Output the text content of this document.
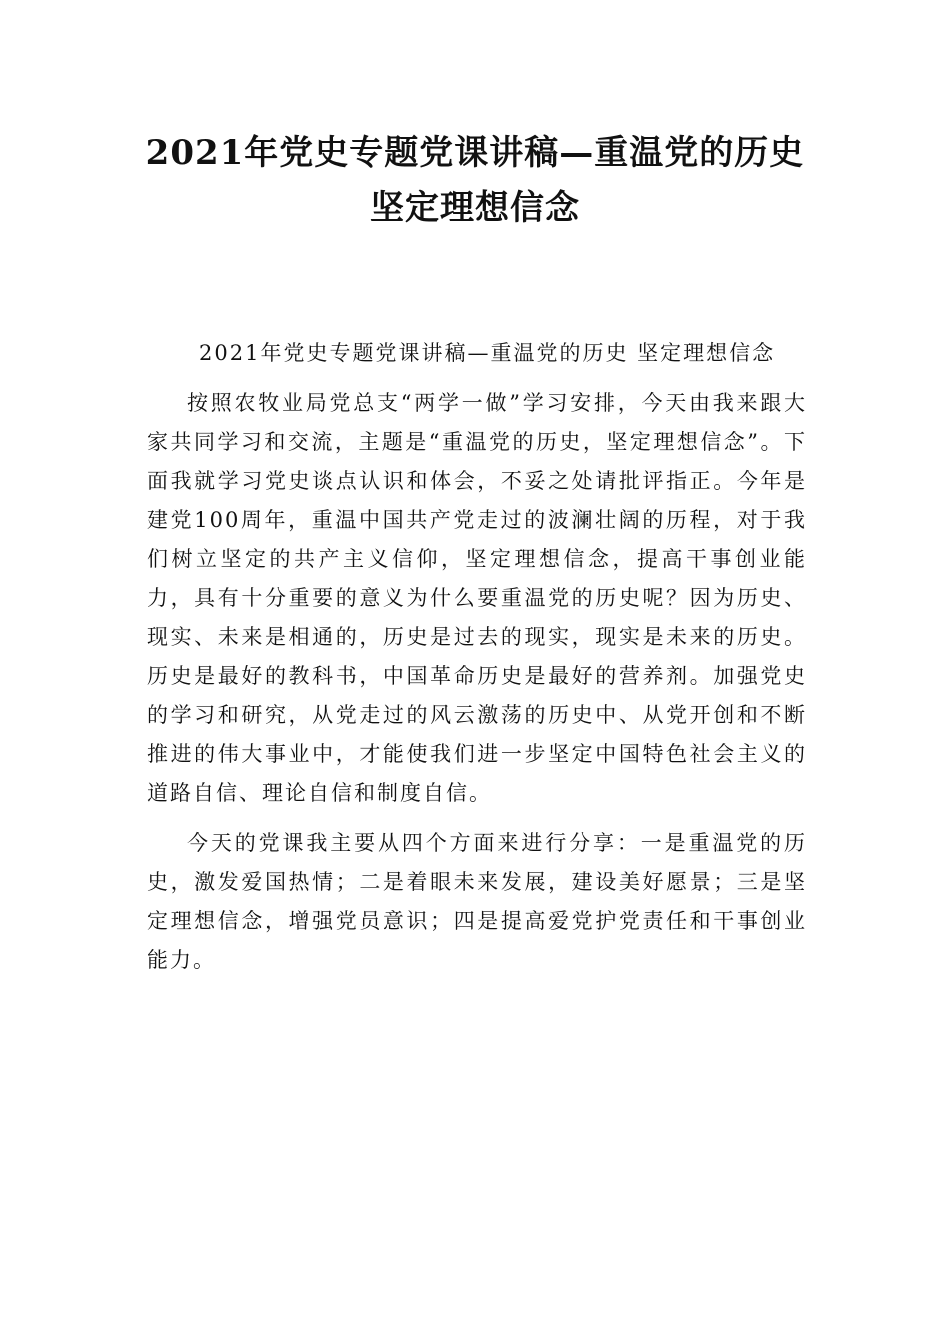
2021年党史专题党课讲稿—重温党的历史
坚定理想信念

2021年党史专题党课讲稿—重温党的历史 坚定理想信念

按照农牧业局党总支“两学一做”学习安排，今天由我来跟大家共同学习和交流，主题是“重温党的历史，坚定理想信念”。下面我就学习党史谈点认识和体会，不妥之处请批评指正。今年是建党100周年，重温中国共产党走过的波澜壮阔的历程，对于我们树立坚定的共产主义信仰，坚定理想信念，提高干事创业能力，具有十分重要的意义为什么要重温党的历史呢？因为历史、现实、未来是相通的，历史是过去的现实，现实是未来的历史。历史是最好的教科书，中国革命历史是最好的营养剂。加强党史的学习和研究，从党走过的风云激荡的历史中、从党开创和不断推进的伟大事业中，才能使我们进一步坚定中国特色社会主义的道路自信、理论自信和制度自信。

今天的党课我主要从四个方面来进行分享：一是重温党的历史，激发爱国热情；二是着眼未来发展，建设美好愿景；三是坚定理想信念，增强党员意识；四是提高爱党护党责任和干事创业能力。
